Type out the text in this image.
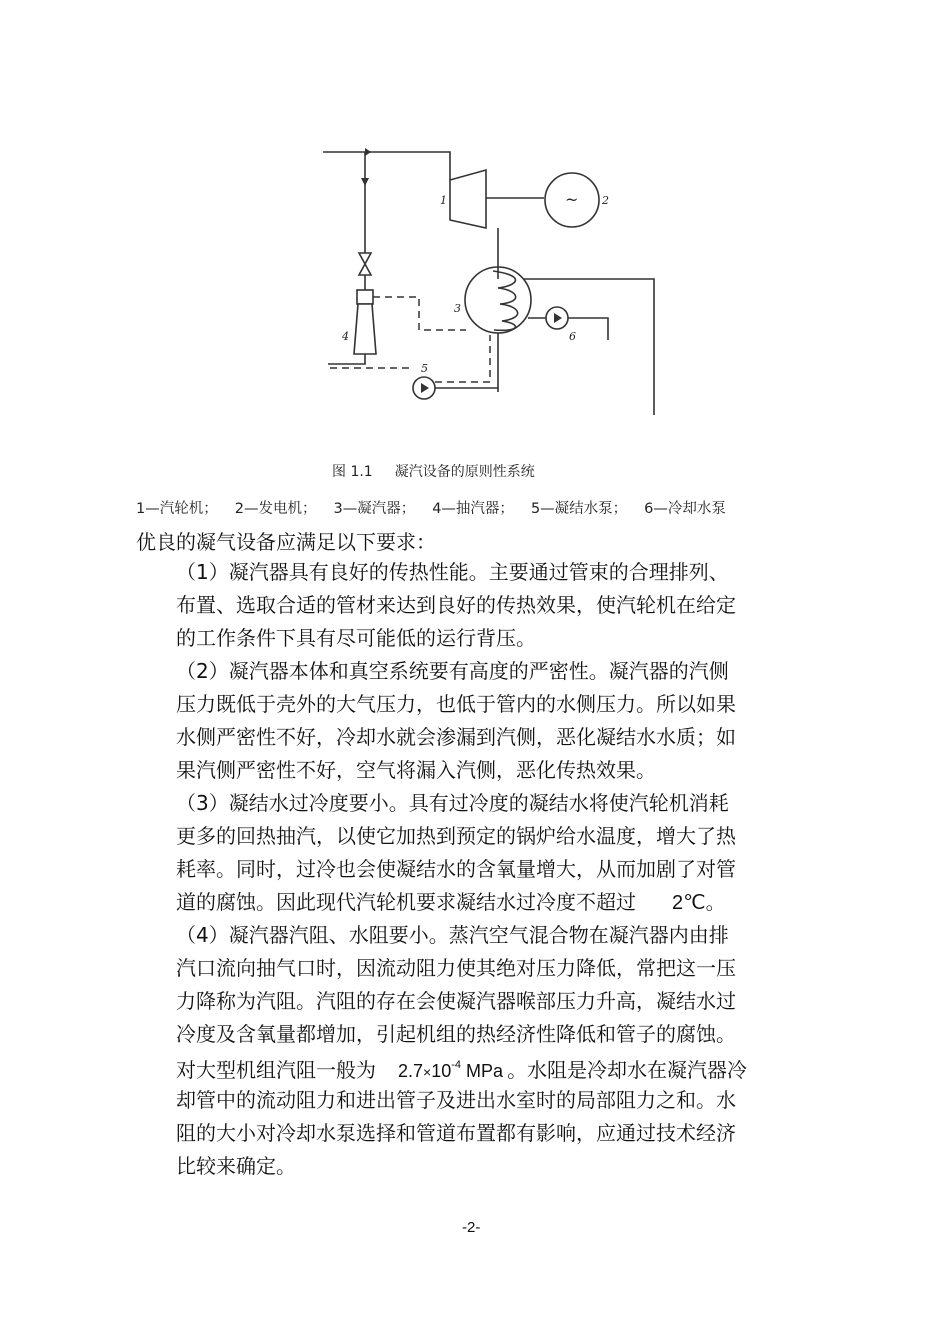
1	2
3
4
5
6
~
图 1.1 凝汽设备的原则性系统
1—汽轮机； 2—发电机； 3—凝汽器； 4—抽汽器； 5—凝结水泵； 6—冷却水泵
优良的凝气设备应满足以下要求：
（1）凝汽器具有良好的传热性能。主要通过管束的合理排列、
布置、选取合适的管材来达到良好的传热效果，使汽轮机在给定
的工作条件下具有尽可能低的运行背压。
（2）凝汽器本体和真空系统要有高度的严密性。凝汽器的汽侧
压力既低于壳外的大气压力，也低于管内的水侧压力。所以如果
水侧严密性不好，冷却水就会渗漏到汽侧，恶化凝结水水质；如
果汽侧严密性不好，空气将漏入汽侧，恶化传热效果。
（3）凝结水过冷度要小。具有过冷度的凝结水将使汽轮机消耗
更多的回热抽汽，以使它加热到预定的锅炉给水温度，增大了热
耗率。同时，过冷也会使凝结水的含氧量增大，从而加剧了对管
道的腐蚀。因此现代汽轮机要求凝结水过冷度不超过 2℃。
（4）凝汽器汽阻、水阻要小。蒸汽空气混合物在凝汽器内由排
汽口流向抽气口时，因流动阻力使其绝对压力降低，常把这一压
力降称为汽阻。汽阻的存在会使凝汽器喉部压力升高，凝结水过
冷度及含氧量都增加，引起机组的热经济性降低和管子的腐蚀。
对大型机组汽阻一般为 $2.7\times 10^{-4}$ MPa 。水阻是冷却水在凝汽器冷
却管中的流动阻力和进出管子及进出水室时的局部阻力之和。水
阻的大小对冷却水泵选择和管道布置都有影响，应通过技术经济
比较来确定。
-2-
